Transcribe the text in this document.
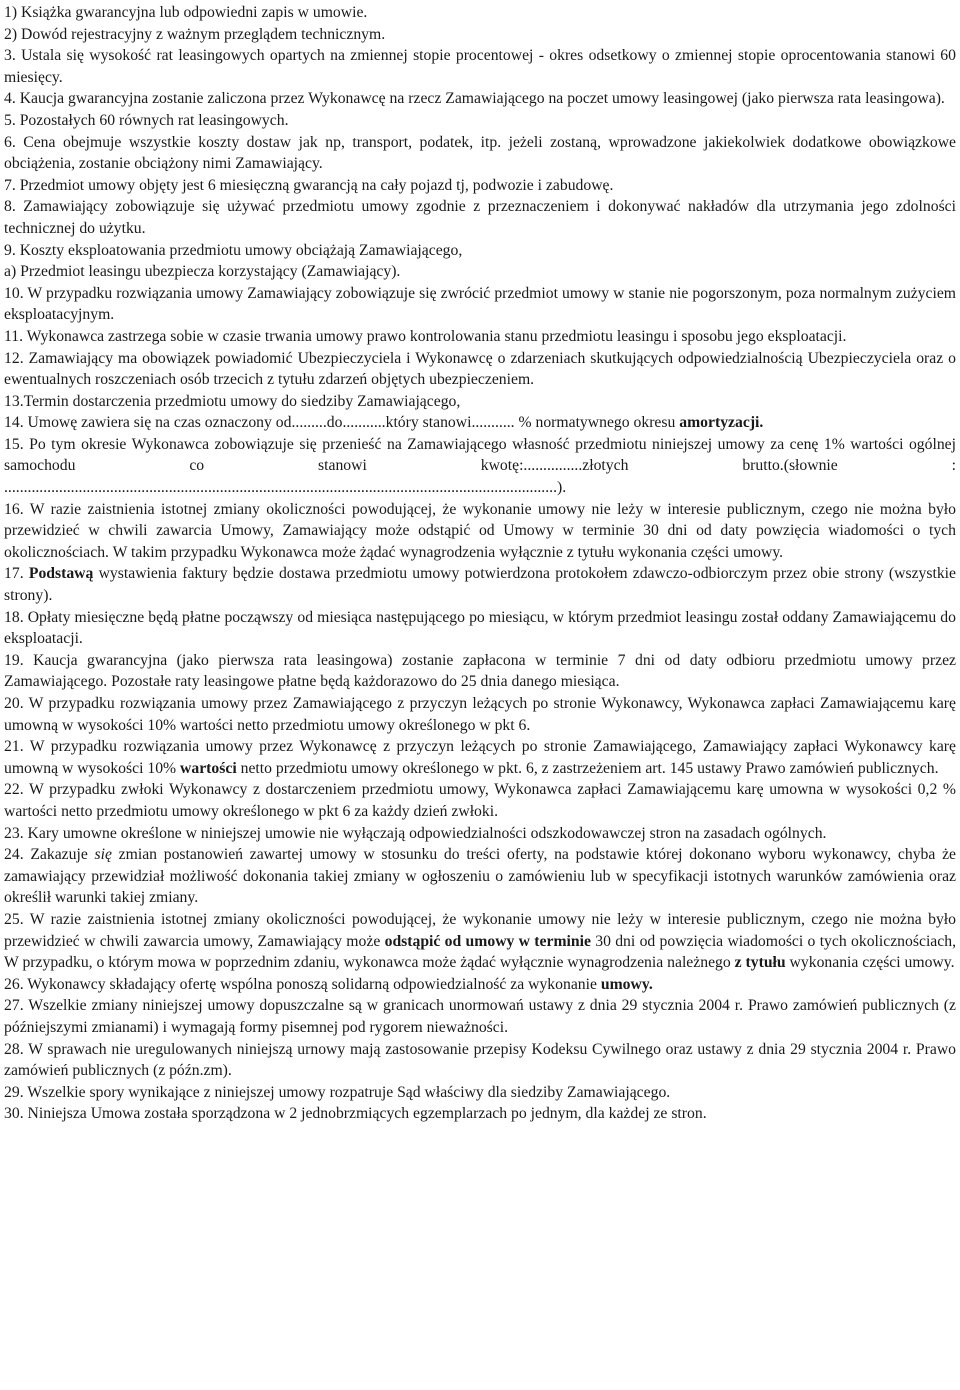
1) Książka gwarancyjna lub odpowiedni zapis w umowie.

2) Dowód rejestracyjny z ważnym przeglądem technicznym.

3. Ustala się wysokość rat leasingowych opartych na zmiennej stopie procentowej - okres odsetkowy o zmiennej stopie oprocentowania stanowi 60 miesięcy.

4. Kaucja gwarancyjna zostanie zaliczona przez Wykonawcę na rzecz Zamawiającego na poczet umowy leasingowej (jako pierwsza rata leasingowa).

5. Pozostałych 60 równych rat leasingowych.

6. Cena obejmuje wszystkie koszty dostaw jak np, transport, podatek, itp. jeżeli zostaną, wprowadzone jakiekolwiek dodatkowe obowiązkowe obciążenia, zostanie obciążony nimi Zamawiający.

7. Przedmiot umowy objęty jest 6 miesięczną gwarancją na cały pojazd tj, podwozie i zabudowę.

8. Zamawiający zobowiązuje się używać przedmiotu umowy zgodnie z przeznaczeniem i dokonywać nakładów dla utrzymania jego zdolności technicznej do użytku.

9. Koszty eksploatowania przedmiotu umowy obciążają Zamawiającego,

a) Przedmiot leasingu ubezpiecza korzystający (Zamawiający).

10. W przypadku rozwiązania umowy Zamawiający zobowiązuje się zwrócić przedmiot umowy w stanie nie pogorszonym, poza normalnym zużyciem eksploatacyjnym.

11. Wykonawca zastrzega sobie w czasie trwania umowy prawo kontrolowania stanu przedmiotu leasingu i sposobu jego eksploatacji.

12. Zamawiający ma obowiązek powiadomić Ubezpieczyciela i Wykonawcę o zdarzeniach skutkujących odpowiedzialnością Ubezpieczyciela oraz o ewentualnych roszczeniach osób trzecich z tytułu zdarzeń objętych ubezpieczeniem.

13.Termin dostarczenia przedmiotu umowy do siedziby Zamawiającego,

14. Umowę zawiera się na czas oznaczony od.........do...........który stanowi........... % normatywnego okresu amortyzacji.

15. Po tym okresie Wykonawca zobowiązuje się przenieść na Zamawiającego własność przedmiotu niniejszej umowy za cenę 1% wartości ogólnej samochodu co stanowi kwotę:...............złotych brutto.(słownie : .............................................................................................................................................).

16. W razie zaistnienia istotnej zmiany okoliczności powodującej, że wykonanie umowy nie leży w interesie publicznym, czego nie można było przewidzieć w chwili zawarcia Umowy, Zamawiający może odstąpić od Umowy w terminie 30 dni od daty powzięcia wiadomości o tych okolicznościach. W takim przypadku Wykonawca może żądać wynagrodzenia wyłącznie z tytułu wykonania części umowy.

17. Podstawą wystawienia faktury będzie dostawa przedmiotu umowy potwierdzona protokołem zdawczo-odbiorczym przez obie strony (wszystkie strony).

18. Opłaty miesięczne będą płatne począwszy od miesiąca następującego po miesiącu, w którym przedmiot leasingu został oddany Zamawiającemu do eksploatacji.

19. Kaucja gwarancyjna (jako pierwsza rata leasingowa) zostanie zapłacona w terminie 7 dni od daty odbioru przedmiotu umowy przez Zamawiającego. Pozostałe raty leasingowe płatne będą każdorazowo do 25 dnia danego miesiąca.

20. W przypadku rozwiązania umowy przez Zamawiającego z przyczyn leżących po stronie Wykonawcy, Wykonawca zapłaci Zamawiającemu karę umowną w wysokości 10% wartości netto przedmiotu umowy określonego w pkt 6.

21. W przypadku rozwiązania umowy przez Wykonawcę z przyczyn leżących po stronie Zamawiającego, Zamawiający zapłaci Wykonawcy karę umowną w wysokości 10% wartości netto przedmiotu umowy określonego w pkt. 6, z zastrzeżeniem art. 145 ustawy Prawo zamówień publicznych.

22. W przypadku zwłoki Wykonawcy z dostarczeniem przedmiotu umowy, Wykonawca zapłaci Zamawiającemu karę umowna w wysokości 0,2 % wartości netto przedmiotu umowy określonego w pkt 6 za każdy dzień zwłoki.

23. Kary umowne określone w niniejszej umowie nie wyłączają odpowiedzialności odszkodowawczej stron na zasadach ogólnych.

24. Zakazuje się zmian postanowień zawartej umowy w stosunku do treści oferty, na podstawie której dokonano wyboru wykonawcy, chyba że zamawiający przewidział możliwość dokonania takiej zmiany w ogłoszeniu o zamówieniu lub w specyfikacji istotnych warunków zamówienia oraz określił warunki takiej zmiany.

25. W razie zaistnienia istotnej zmiany okoliczności powodującej, że wykonanie umowy nie leży w interesie publicznym, czego nie można było przewidzieć w chwili zawarcia umowy, Zamawiający może odstąpić od umowy w terminie 30 dni od powzięcia wiadomości o tych okolicznościach, W przypadku, o którym mowa w poprzednim zdaniu, wykonawca może żądać wyłącznie wynagrodzenia należnego z tytułu wykonania części umowy.

26. Wykonawcy składający ofertę wspólna ponoszą solidarną odpowiedzialność za wykonanie umowy.

27. Wszelkie zmiany niniejszej umowy dopuszczalne są w granicach unormowań ustawy z dnia 29 stycznia 2004 r. Prawo zamówień publicznych (z późniejszymi zmianami) i wymagają formy pisemnej pod rygorem nieważności.

28. W sprawach nie uregulowanych niniejszą urnowy mają zastosowanie przepisy Kodeksu Cywilnego oraz ustawy z dnia 29 stycznia 2004 r. Prawo zamówień publicznych (z późn.zm).

29. Wszelkie spory wynikające z niniejszej umowy rozpatruje Sąd właściwy dla siedziby Zamawiającego.

30. Niniejsza Umowa została sporządzona w 2 jednobrzmiących egzemplarzach po jednym, dla każdej ze stron.
